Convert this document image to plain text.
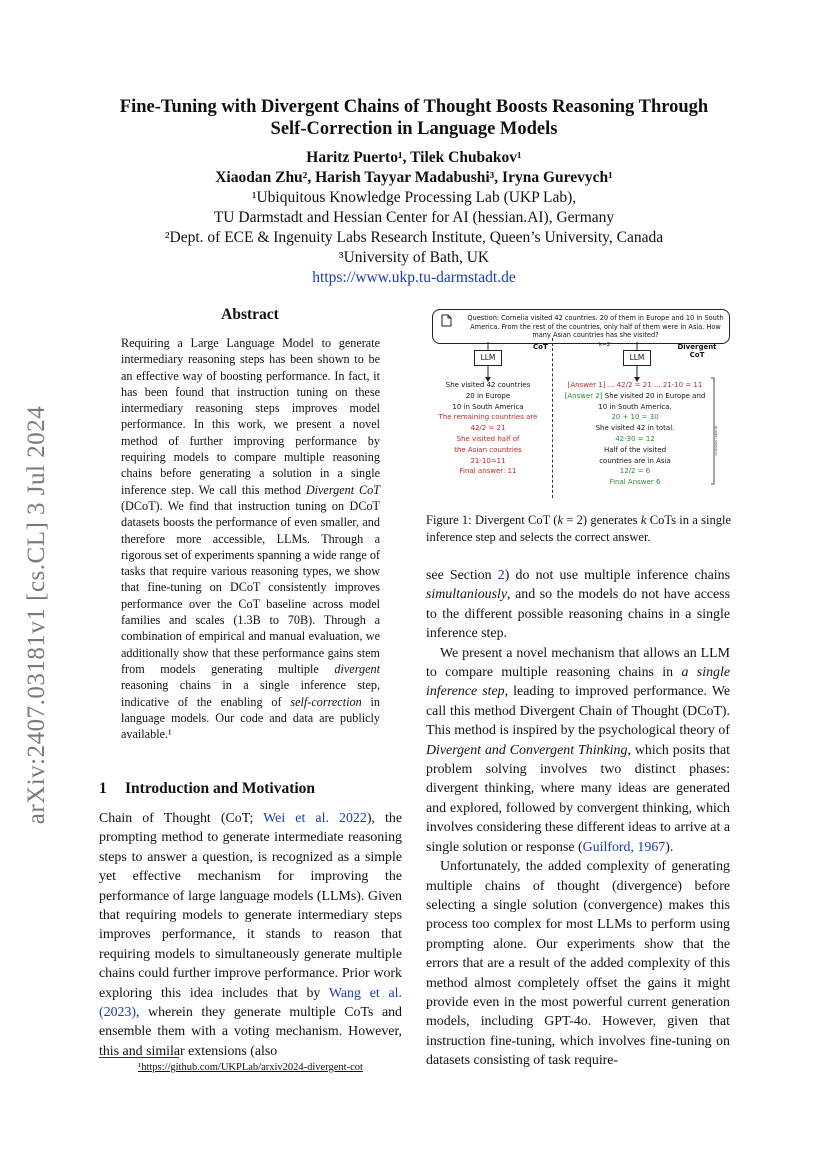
arXiv:2407.03181v1 [cs.CL] 3 Jul 2024
Fine-Tuning with Divergent Chains of Thought Boosts Reasoning Through
Self-Correction in Language Models
Haritz Puerto¹, Tilek Chubakov¹
Xiaodan Zhu², Harish Tayyar Madabushi³, Iryna Gurevych¹
¹Ubiquitous Knowledge Processing Lab (UKP Lab),
TU Darmstadt and Hessian Center for AI (hessian.AI), Germany
²Dept. of ECE & Ingenuity Labs Research Institute, Queen’s University, Canada
³University of Bath, UK
https://www.ukp.tu-darmstadt.de
Abstract
Requiring a Large Language Model to generate intermediary reasoning steps has been shown to be an effective way of boosting performance. In fact, it has been found that instruction tuning on these intermediary reasoning steps improves model performance. In this work, we present a novel method of further improving performance by requiring models to compare multiple reasoning chains before generating a solution in a single inference step. We call this method Divergent CoT (DCoT). We find that instruction tuning on DCoT datasets boosts the performance of even smaller, and therefore more accessible, LLMs. Through a rigorous set of experiments spanning a wide range of tasks that require various reasoning types, we show that fine-tuning on DCoT consistently improves performance over the CoT baseline across model families and scales (1.3B to 70B). Through a combination of empirical and manual evaluation, we additionally show that these performance gains stem from models generating multiple divergent reasoning chains in a single inference step, indicative of the enabling of self-correction in language models. Our code and data are publicly available.¹
1 Introduction and Motivation

Chain of Thought (CoT; Wei et al. 2022), the prompting method to generate intermediate reasoning steps to answer a question, is recognized as a simple yet effective mechanism for improving the performance of large language models (LLMs). Given that requiring models to generate intermediary steps improves performance, it stands to reason that requiring models to simultaneously generate multiple chains could further improve performance. Prior work exploring this idea includes that by Wang et al. (2023), wherein they generate multiple CoTs and ensemble them with a voting mechanism. However, this and similar extensions (also

¹https://github.com/UKPLab/arxiv2024-divergent-cot
Question: Cornelia visited 42 countries. 20 of them in Europe and 10 in South America. From the rest of the countries, only half of them were in Asia. How many Asian countries has she visited?
CoT	k=2	Divergent
CoT
LLM	LLM
She visited 42 countries
20 in Europe
10 in South America
The remaining countries are
42/2 = 21
She visited half of
the Asian countries
21-10=11
Final answer: 11
[Answer 1] ... 42/2 = 21 ... 21-10 = 11
[Answer 2] She visited 20 in Europe and
10 in South America.
20 + 10 = 30
She visited 42 in total.
42-30 = 12
Half of the visited
countries are in Asia
12/2 = 6
Final Answer 6
Answer selection
Figure 1: Divergent CoT (k = 2) generates k CoTs in a single inference step and selects the correct answer.

see Section 2) do not use multiple inference chains simultaniously, and so the models do not have access to the different possible reasoning chains in a single inference step.

We present a novel mechanism that allows an LLM to compare multiple reasoning chains in a single inference step, leading to improved performance. We call this method Divergent Chain of Thought (DCoT). This method is inspired by the psychological theory of Divergent and Convergent Thinking, which posits that problem solving involves two distinct phases: divergent thinking, where many ideas are generated and explored, followed by convergent thinking, which involves considering these different ideas to arrive at a single solution or response (Guilford, 1967).

Unfortunately, the added complexity of generating multiple chains of thought (divergence) before selecting a single solution (convergence) makes this process too complex for most LLMs to perform using prompting alone. Our experiments show that the errors that are a result of the added complexity of this method almost completely offset the gains it might provide even in the most powerful current generation models, including GPT-4o. However, given that instruction fine-tuning, which involves fine-tuning on datasets consisting of task require-
